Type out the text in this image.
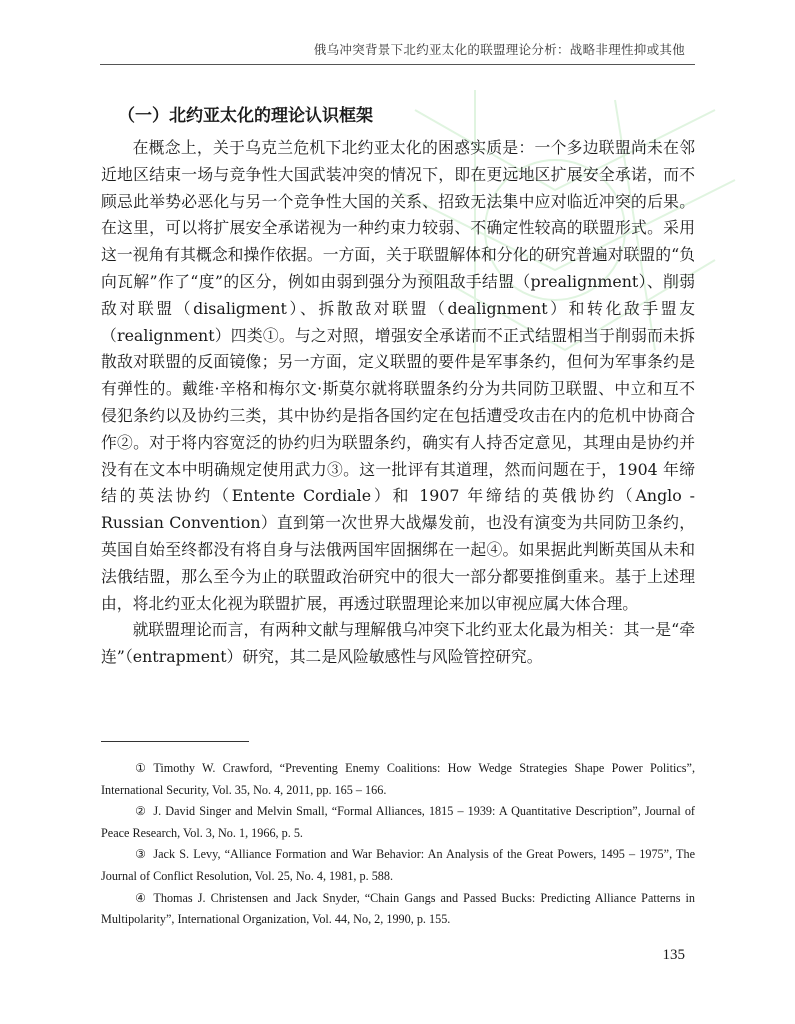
俄乌冲突背景下北约亚太化的联盟理论分析：战略非理性抑或其他
（一）北约亚太化的理论认识框架

在概念上，关于乌克兰危机下北约亚太化的困惑实质是：一个多边联盟尚未在邻近地区结束一场与竞争性大国武装冲突的情况下，即在更远地区扩展安全承诺，而不顾忌此举势必恶化与另一个竞争性大国的关系、招致无法集中应对临近冲突的后果。在这里，可以将扩展安全承诺视为一种约束力较弱、不确定性较高的联盟形式。采用这一视角有其概念和操作依据。一方面，关于联盟解体和分化的研究普遍对联盟的“负向瓦解”作了“度”的区分，例如由弱到强分为预阻敌手结盟（prealignment）、削弱敌对联盟（disaligment）、拆散敌对联盟（dealignment）和转化敌手盟友（realignment）四类①。与之对照，增强安全承诺而不正式结盟相当于削弱而未拆散敌对联盟的反面镜像；另一方面，定义联盟的要件是军事条约，但何为军事条约是有弹性的。戴维·辛格和梅尔文·斯莫尔就将联盟条约分为共同防卫联盟、中立和互不侵犯条约以及协约三类，其中协约是指各国约定在包括遭受攻击在内的危机中协商合作②。对于将内容宽泛的协约归为联盟条约，确实有人持否定意见，其理由是协约并没有在文本中明确规定使用武力③。这一批评有其道理，然而问题在于，1904 年缔结的英法协约（Entente Cordiale）和 1907 年缔结的英俄协约（Anglo - Russian Convention）直到第一次世界大战爆发前，也没有演变为共同防卫条约，英国自始至终都没有将自身与法俄两国牢固捆绑在一起④。如果据此判断英国从未和法俄结盟，那么至今为止的联盟政治研究中的很大一部分都要推倒重来。基于上述理由，将北约亚太化视为联盟扩展，再透过联盟理论来加以审视应属大体合理。

就联盟理论而言，有两种文献与理解俄乌冲突下北约亚太化最为相关：其一是“牵连”（entrapment）研究，其二是风险敏感性与风险管控研究。

① Timothy W. Crawford, “Preventing Enemy Coalitions: How Wedge Strategies Shape Power Politics”, International Security, Vol. 35, No. 4, 2011, pp. 165 – 166.

② J. David Singer and Melvin Small, “Formal Alliances, 1815 – 1939: A Quantitative Description”, Journal of Peace Research, Vol. 3, No. 1, 1966, p. 5.

③ Jack S. Levy, “Alliance Formation and War Behavior: An Analysis of the Great Powers, 1495 – 1975”, The Journal of Conflict Resolution, Vol. 25, No. 4, 1981, p. 588.

④ Thomas J. Christensen and Jack Snyder, “Chain Gangs and Passed Bucks: Predicting Alliance Patterns in Multipolarity”, International Organization, Vol. 44, No, 2, 1990, p. 155.

135
